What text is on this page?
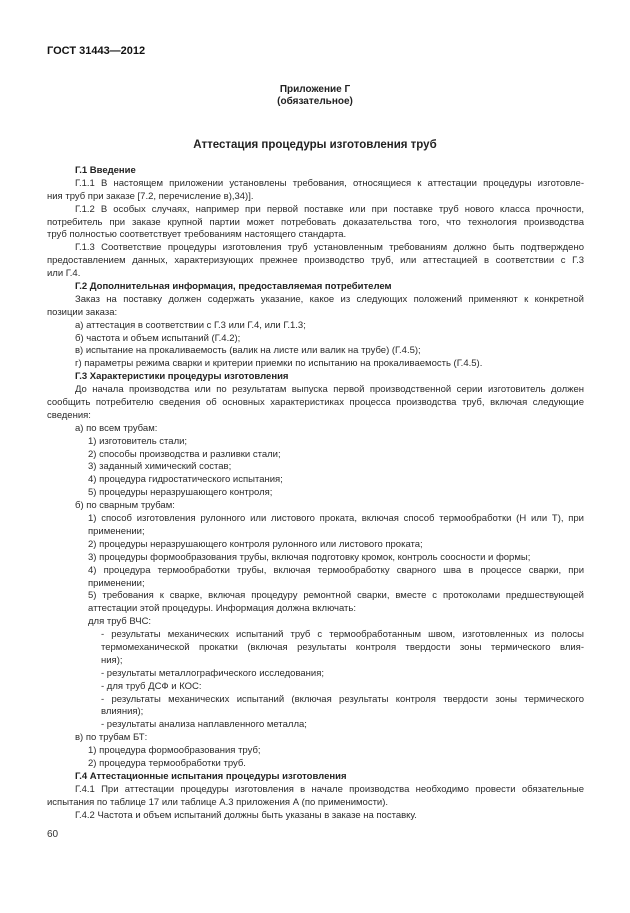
ГОСТ 31443—2012
Приложение Г
(обязательное)
Аттестация процедуры изготовления труб
Г.1 Введение
Г.1.1 В настоящем приложении установлены требования, относящиеся к аттестации процедуры изготовле-
ния труб при заказе [7.2, перечисление в),34)].
Г.1.2 В особых случаях, например при первой поставке или при поставке труб нового класса прочности,
потребитель при заказе крупной партии может потребовать доказательства того, что технология производства
труб полностью соответствует требованиям настоящего стандарта.
Г.1.3 Соответствие процедуры изготовления труб установленным требованиям должно быть подтверждено
предоставлением данных, характеризующих прежнее производство труб, или аттестацией в соответствии с Г.3
или Г.4.
Г.2 Дополнительная информация, предоставляемая потребителем
Заказ на поставку должен содержать указание, какое из следующих положений применяют к конкретной
позиции заказа:
а) аттестация в соответствии с Г.3 или Г.4, или Г.1.3;
б) частота и объем испытаний (Г.4.2);
в) испытание на прокаливаемость (валик на листе или валик на трубе) (Г.4.5);
г) параметры режима сварки и критерии приемки по испытанию на прокаливаемость (Г.4.5).
Г.3 Характеристики процедуры изготовления
До начала производства или по результатам выпуска первой производственной серии изготовитель должен
сообщить потребителю сведения об основных характеристиках процесса производства труб, включая следующие
сведения:
а) по всем трубам:
1) изготовитель стали;
2) способы производства и разливки стали;
3) заданный химический состав;
4) процедура гидростатического испытания;
5) процедуры неразрушающего контроля;
б) по сварным трубам:
1) способ изготовления рулонного или листового проката, включая способ термообработки (Н или Т), при
применении;
2) процедуры неразрушающего контроля рулонного или листового проката;
3) процедуры формообразования трубы, включая подготовку кромок, контроль соосности и формы;
4) процедура термообработки трубы, включая термообработку сварного шва в процессе сварки, при
применении;
5) требования к сварке, включая процедуру ремонтной сварки, вместе с протоколами предшествующей
аттестации этой процедуры. Информация должна включать:
для труб ВЧС:
- результаты механических испытаний труб с термообработанным швом, изготовленных из полосы
термомеханической прокатки (включая результаты контроля твердости зоны термического влия-
ния);
- результаты металлографического исследования;
- для труб ДСФ и КОС:
- результаты механических испытаний (включая результаты контроля твердости зоны термического
влияния);
- результаты анализа наплавленного металла;
в) по трубам БТ:
1) процедура формообразования труб;
2) процедура термообработки труб.
Г.4 Аттестационные испытания процедуры изготовления
Г.4.1 При аттестации процедуры изготовления в начале производства необходимо провести обязательные
испытания по таблице 17 или таблице А.3 приложения А (по применимости).
Г.4.2 Частота и объем испытаний должны быть указаны в заказе на поставку.
60
